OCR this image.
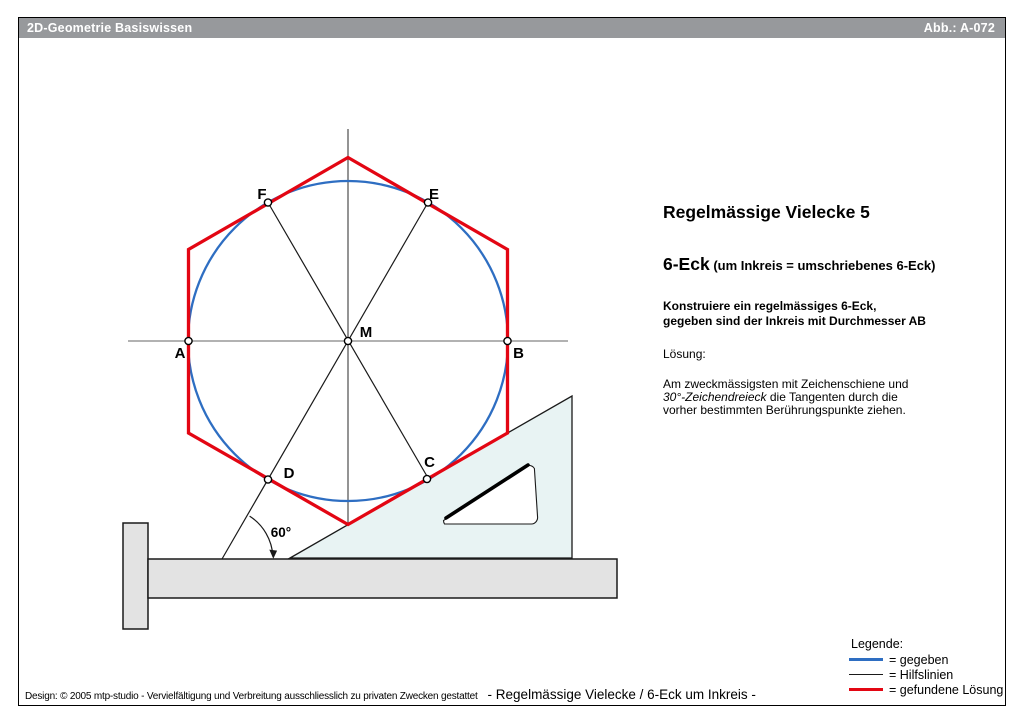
2D-Geometrie Basiswissen	Abb.: A-072
A	B
M
F	E
D
C
60°
Regelmässige Vielecke 5
6-Eck (um Inkreis = umschriebenes 6-Eck)
Konstruiere ein regelmässiges 6-Eck,
gegeben sind der Inkreis mit Durchmesser AB
Lösung:
Am zweckmässigsten mit Zeichenschiene und
30°-Zeichendreieck die Tangenten durch die
vorher bestimmten Berührungspunkte ziehen.
Legende:
= gegeben
= Hilfslinien
= gefundene Lösung
Design: © 2005 mtp-studio - Vervielfältigung und Verbreitung ausschliesslich zu privaten Zwecken gestattet - Regelmässige Vielecke / 6-Eck um Inkreis -
